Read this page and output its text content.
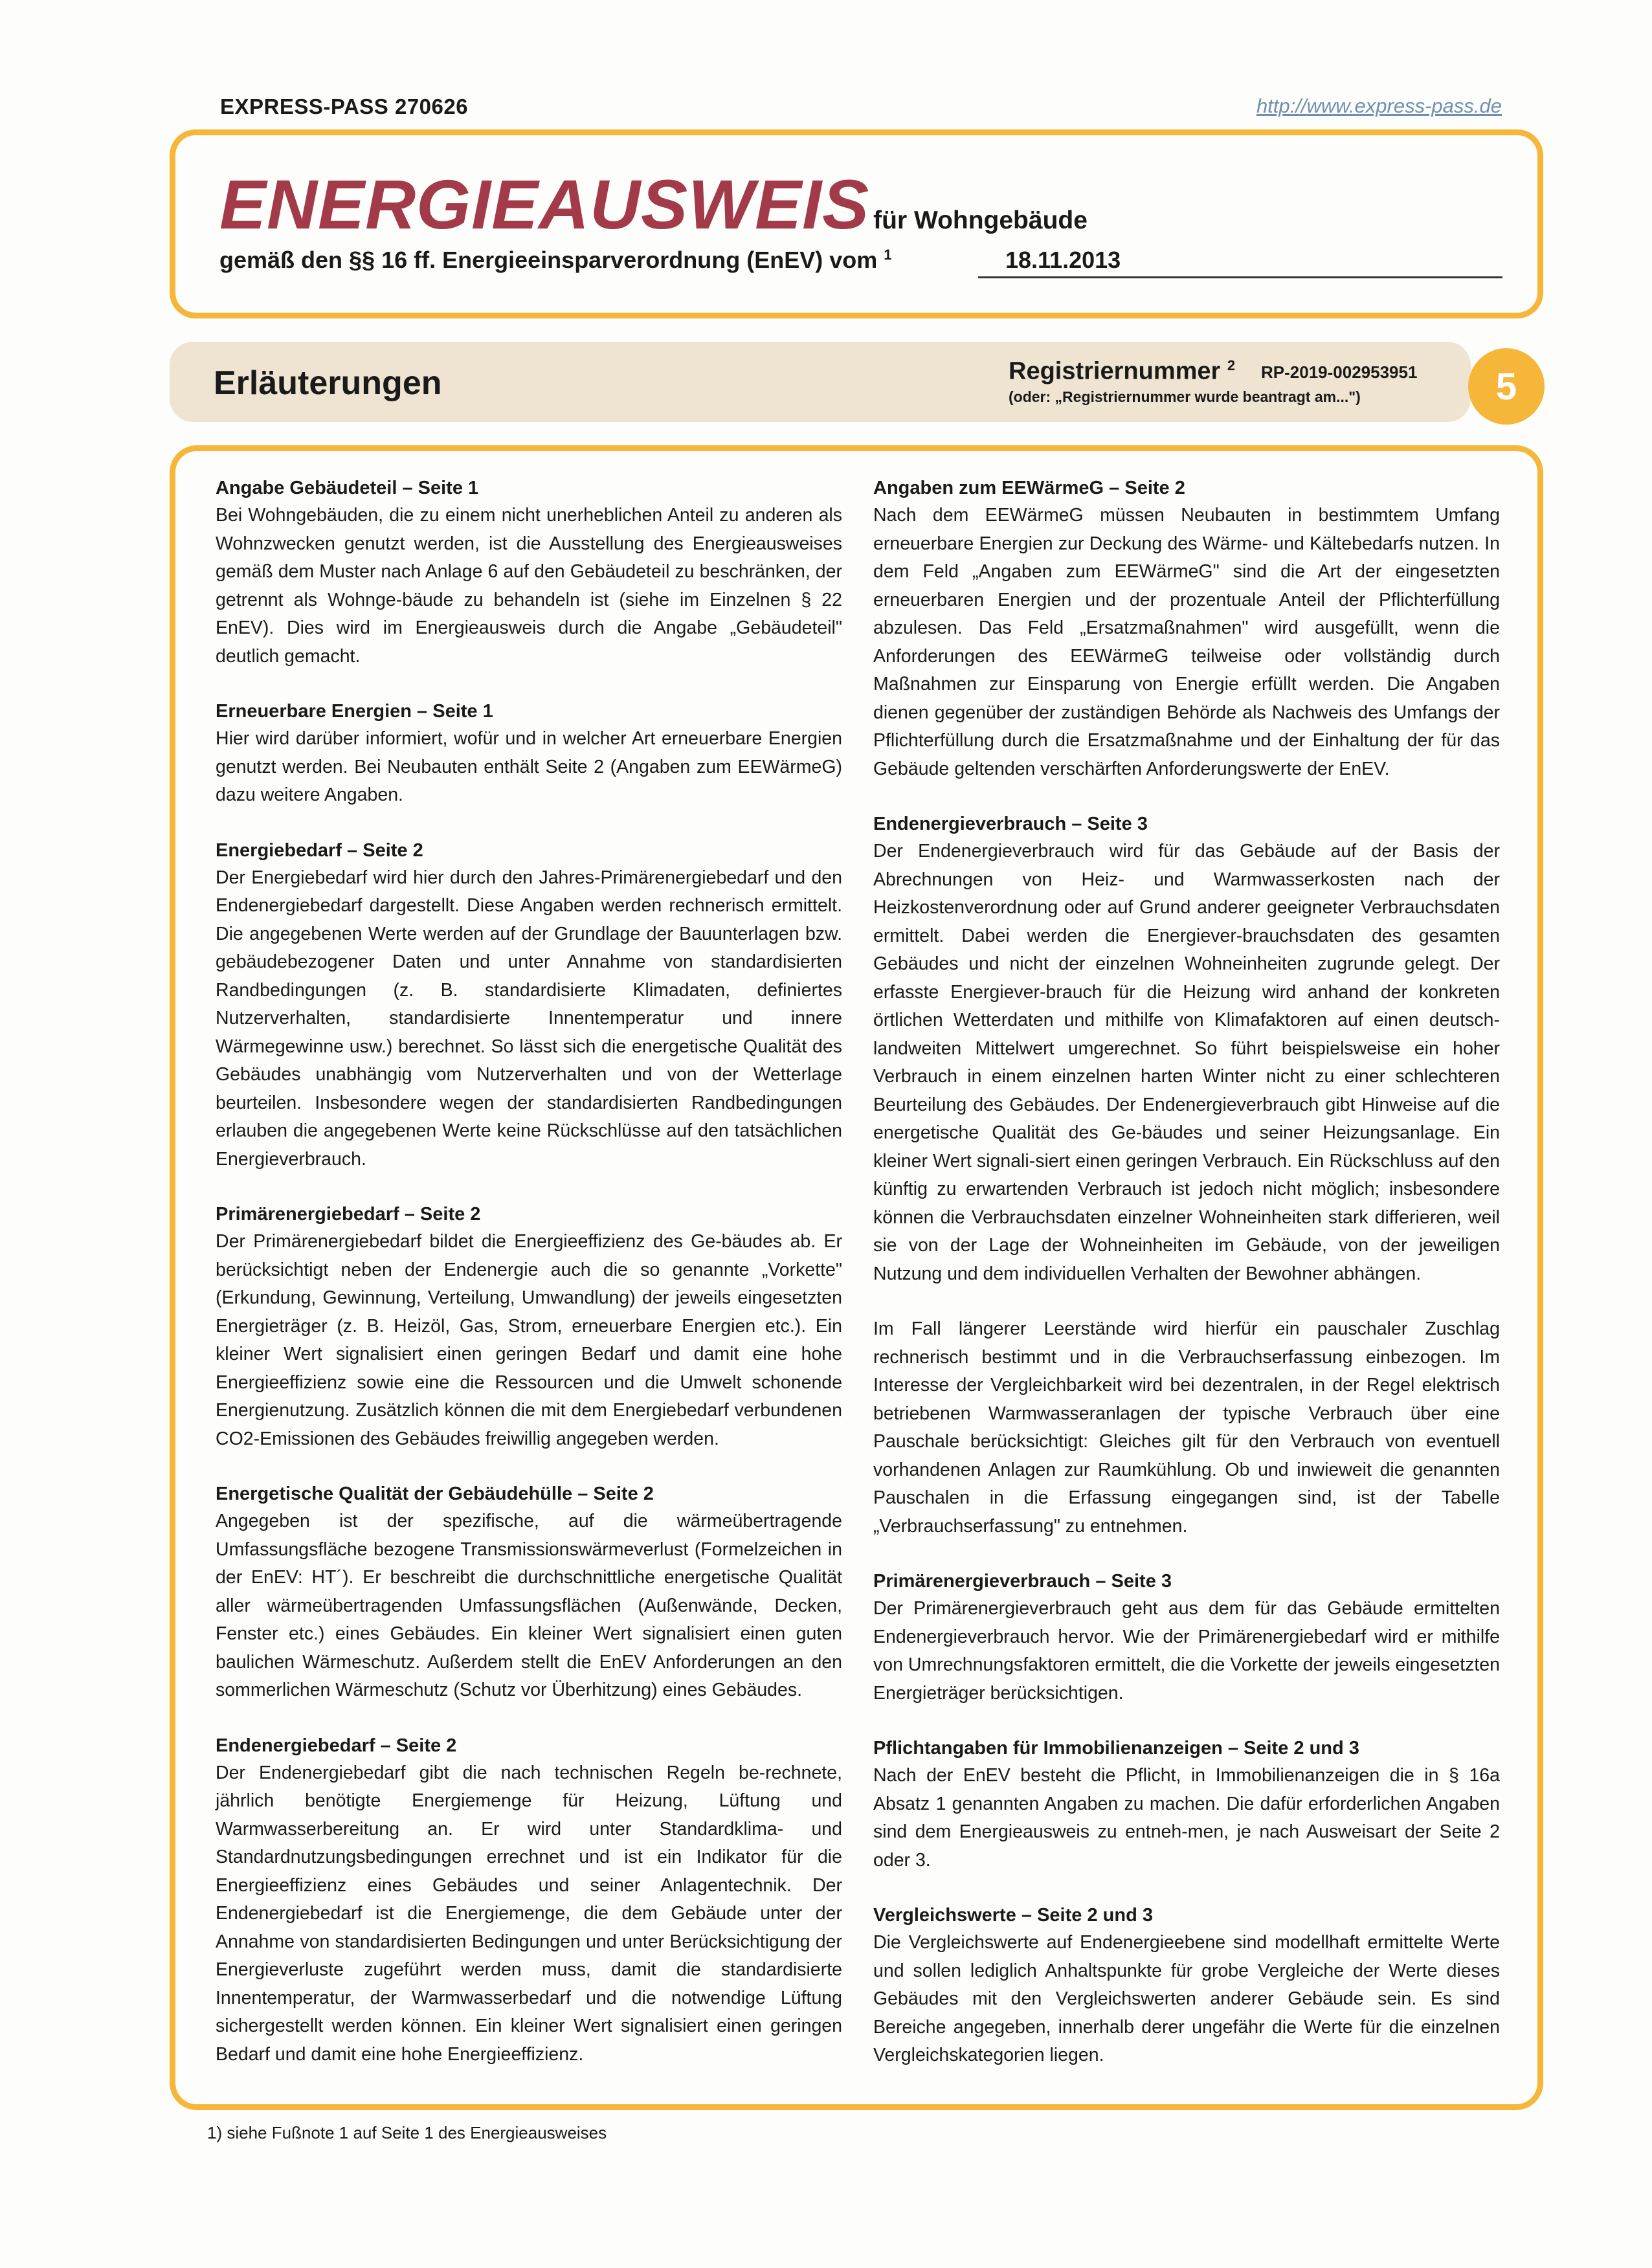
EXPRESS-PASS 270626	http://www.express-pass.de
ENERGIEAUSWEIS für Wohngebäude
gemäß den §§ 16 ff. Energieeinsparverordnung (EnEV) vom $^1$	18.11.2013
Erläuterungen	Registriernummer $^2$ RP-2019-002953951
(oder: „Registriernummer wurde beantragt am...")	5
Angabe Gebäudeteil – Seite 1

Bei Wohngebäuden, die zu einem nicht unerheblichen Anteil zu anderen als Wohnzwecken genutzt werden, ist die Ausstellung des Energieausweises gemäß dem Muster nach Anlage 6 auf den Gebäudeteil zu beschränken, der getrennt als Wohnge-bäude zu behandeln ist (siehe im Einzelnen § 22 EnEV). Dies wird im Energieausweis durch die Angabe „Gebäudeteil" deutlich gemacht.

Erneuerbare Energien – Seite 1

Hier wird darüber informiert, wofür und in welcher Art erneuerbare Energien genutzt werden. Bei Neubauten enthält Seite 2 (Angaben zum EEWärmeG) dazu weitere Angaben.

Energiebedarf – Seite 2

Der Energiebedarf wird hier durch den Jahres-Primärenergiebedarf und den Endenergiebedarf dargestellt. Diese Angaben werden rechnerisch ermittelt. Die angegebenen Werte werden auf der Grundlage der Bauunterlagen bzw. gebäudebezogener Daten und unter Annahme von standardisierten Randbedingungen (z. B. standardisierte Klimadaten, definiertes Nutzerverhalten, standardisierte Innentemperatur und innere Wärmegewinne usw.) berechnet. So lässt sich die energetische Qualität des Gebäudes unabhängig vom Nutzerverhalten und von der Wetterlage beurteilen. Insbesondere wegen der standardisierten Randbedingungen erlauben die angegebenen Werte keine Rückschlüsse auf den tatsächlichen Energieverbrauch.

Primärenergiebedarf – Seite 2

Der Primärenergiebedarf bildet die Energieeffizienz des Ge-bäudes ab. Er berücksichtigt neben der Endenergie auch die so genannte „Vorkette" (Erkundung, Gewinnung, Verteilung, Umwandlung) der jeweils eingesetzten Energieträger (z. B. Heizöl, Gas, Strom, erneuerbare Energien etc.). Ein kleiner Wert signalisiert einen geringen Bedarf und damit eine hohe Energieeffizienz sowie eine die Ressourcen und die Umwelt schonende Energienutzung. Zusätzlich können die mit dem Energiebedarf verbundenen CO2-Emissionen des Gebäudes freiwillig angegeben werden.

Energetische Qualität der Gebäudehülle – Seite 2

Angegeben ist der spezifische, auf die wärmeübertragende Umfassungsfläche bezogene Transmissionswärmeverlust (Formelzeichen in der EnEV: HT´). Er beschreibt die durchschnittliche energetische Qualität aller wärmeübertragenden Umfassungsflächen (Außenwände, Decken, Fenster etc.) eines Gebäudes. Ein kleiner Wert signalisiert einen guten baulichen Wärmeschutz. Außerdem stellt die EnEV Anforderungen an den sommerlichen Wärmeschutz (Schutz vor Überhitzung) eines Gebäudes.

Endenergiebedarf – Seite 2

Der Endenergiebedarf gibt die nach technischen Regeln be-rechnete, jährlich benötigte Energiemenge für Heizung, Lüftung und Warmwasserbereitung an. Er wird unter Standardklima- und Standardnutzungsbedingungen errechnet und ist ein Indikator für die Energieeffizienz eines Gebäudes und seiner Anlagentechnik. Der Endenergiebedarf ist die Energiemenge, die dem Gebäude unter der Annahme von standardisierten Bedingungen und unter Berücksichtigung der Energieverluste zugeführt werden muss, damit die standardisierte Innentemperatur, der Warmwasserbedarf und die notwendige Lüftung sichergestellt werden können. Ein kleiner Wert signalisiert einen geringen Bedarf und damit eine hohe Energieeffizienz.

Angaben zum EEWärmeG – Seite 2

Nach dem EEWärmeG müssen Neubauten in bestimmtem Umfang erneuerbare Energien zur Deckung des Wärme- und Kältebedarfs nutzen. In dem Feld „Angaben zum EEWärmeG" sind die Art der eingesetzten erneuerbaren Energien und der prozentuale Anteil der Pflichterfüllung abzulesen. Das Feld „Ersatzmaßnahmen" wird ausgefüllt, wenn die Anforderungen des EEWärmeG teilweise oder vollständig durch Maßnahmen zur Einsparung von Energie erfüllt werden. Die Angaben dienen gegenüber der zuständigen Behörde als Nachweis des Umfangs der Pflichterfüllung durch die Ersatzmaßnahme und der Einhaltung der für das Gebäude geltenden verschärften Anforderungswerte der EnEV.

Endenergieverbrauch – Seite 3

Der Endenergieverbrauch wird für das Gebäude auf der Basis der Abrechnungen von Heiz- und Warmwasserkosten nach der Heizkostenverordnung oder auf Grund anderer geeigneter Verbrauchsdaten ermittelt. Dabei werden die Energiever-brauchsdaten des gesamten Gebäudes und nicht der einzelnen Wohneinheiten zugrunde gelegt. Der erfasste Energiever-brauch für die Heizung wird anhand der konkreten örtlichen Wetterdaten und mithilfe von Klimafaktoren auf einen deutsch-landweiten Mittelwert umgerechnet. So führt beispielsweise ein hoher Verbrauch in einem einzelnen harten Winter nicht zu einer schlechteren Beurteilung des Gebäudes. Der Endenergieverbrauch gibt Hinweise auf die energetische Qualität des Ge-bäudes und seiner Heizungsanlage. Ein kleiner Wert signali-siert einen geringen Verbrauch. Ein Rückschluss auf den künftig zu erwartenden Verbrauch ist jedoch nicht möglich; insbesondere können die Verbrauchsdaten einzelner Wohneinheiten stark differieren, weil sie von der Lage der Wohneinheiten im Gebäude, von der jeweiligen Nutzung und dem individuellen Verhalten der Bewohner abhängen.

Im Fall längerer Leerstände wird hierfür ein pauschaler Zuschlag rechnerisch bestimmt und in die Verbrauchserfassung einbezogen. Im Interesse der Vergleichbarkeit wird bei dezentralen, in der Regel elektrisch betriebenen Warmwasseranlagen der typische Verbrauch über eine Pauschale berücksichtigt: Gleiches gilt für den Verbrauch von eventuell vorhandenen Anlagen zur Raumkühlung. Ob und inwieweit die genannten Pauschalen in die Erfassung eingegangen sind, ist der Tabelle „Verbrauchserfassung" zu entnehmen.

Primärenergieverbrauch – Seite 3

Der Primärenergieverbrauch geht aus dem für das Gebäude ermittelten Endenergieverbrauch hervor. Wie der Primärenergiebedarf wird er mithilfe von Umrechnungsfaktoren ermittelt, die die Vorkette der jeweils eingesetzten Energieträger berücksichtigen.

Pflichtangaben für Immobilienanzeigen – Seite 2 und 3

Nach der EnEV besteht die Pflicht, in Immobilienanzeigen die in § 16a Absatz 1 genannten Angaben zu machen. Die dafür erforderlichen Angaben sind dem Energieausweis zu entneh-men, je nach Ausweisart der Seite 2 oder 3.

Vergleichswerte – Seite 2 und 3

Die Vergleichswerte auf Endenergieebene sind modellhaft ermittelte Werte und sollen lediglich Anhaltspunkte für grobe Vergleiche der Werte dieses Gebäudes mit den Vergleichswerten anderer Gebäude sein. Es sind Bereiche angegeben, innerhalb derer ungefähr die Werte für die einzelnen Vergleichskategorien liegen.

1) siehe Fußnote 1 auf Seite 1 des Energieausweises
